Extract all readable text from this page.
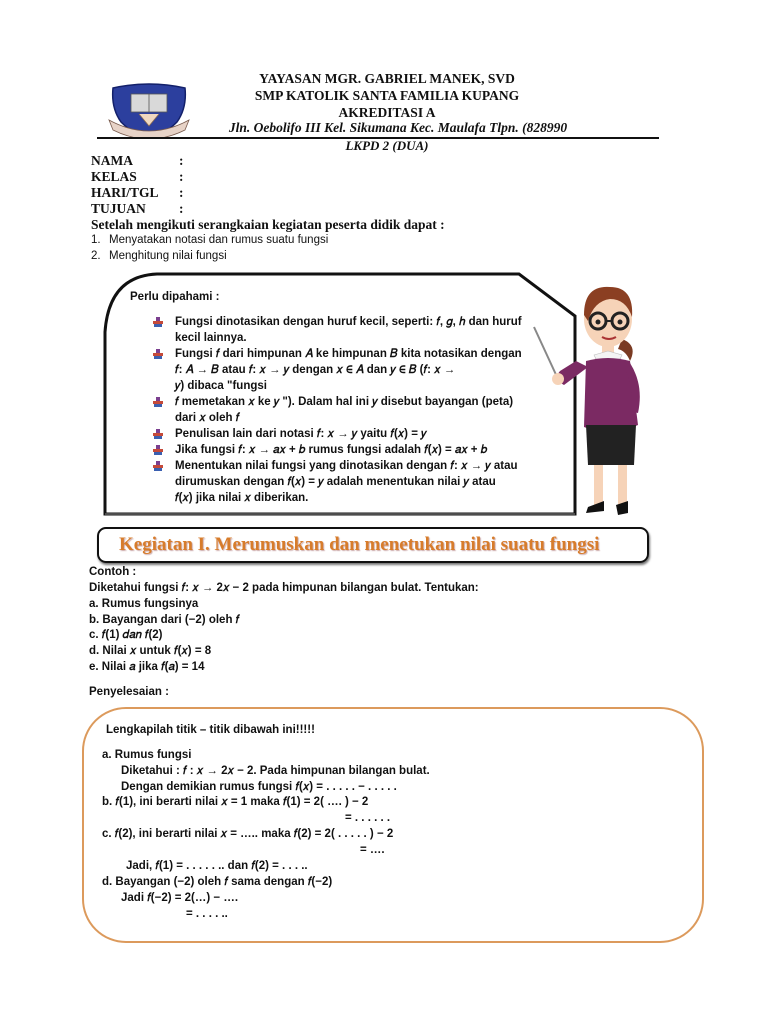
YAYASAN MGR. GABRIEL MANEK, SVD
SMP KATOLIK SANTA FAMILIA KUPANG
AKREDITASI A
Jln. Oebolifo III Kel. Sikumana Kec. Maulafa Tlpn. (828990
LKPD 2 (DUA)
NAMA	:
KELAS	:
HARI/TGL :
TUJUAN :
Setelah mengikuti serangkaian kegiatan peserta didik dapat :
1. Menyatakan notasi dan rumus suatu fungsi
2. Menghitung nilai fungsi
Perlu dipahami :
Fungsi dinotasikan dengan huruf kecil, seperti: 𝑓, 𝑔, ℎ dan huruf
kecil lainnya.
Fungsi 𝑓 dari himpunan 𝐴 ke himpunan 𝐵 kita notasikan dengan
𝑓: 𝐴 → 𝐵 atau 𝑓: 𝑥 → 𝑦 dengan 𝑥 ∈ 𝐴 dan 𝑦 ∈ 𝐵 (𝑓: 𝑥 →
𝑦) dibaca "fungsi
𝑓 memetakan 𝑥 ke 𝑦 "). Dalam hal ini 𝑦 disebut bayangan (peta)
dari 𝑥 oleh 𝑓
Penulisan lain dari notasi 𝑓: 𝑥 → 𝑦 yaitu 𝑓(𝑥) = 𝑦
Jika fungsi 𝑓: 𝑥 → 𝑎𝑥 + 𝑏 rumus fungsi adalah 𝑓(𝑥) = 𝑎𝑥 + 𝑏
Menentukan nilai fungsi yang dinotasikan dengan 𝑓: 𝑥 → 𝑦 atau
dirumuskan dengan 𝑓(𝑥) = 𝑦 adalah menentukan nilai 𝑦 atau
𝑓(𝑥) jika nilai 𝑥 diberikan.
Kegiatan I. Merumuskan dan menetukan nilai suatu fungsi
Contoh :
Diketahui fungsi 𝑓: 𝑥 → 2𝑥 − 2 pada himpunan bilangan bulat. Tentukan:
a. Rumus fungsinya
b. Bayangan dari (−2) oleh 𝑓
c. 𝑓(1) 𝑑𝑎𝑛 𝑓(2)
d. Nilai 𝑥 untuk 𝑓(𝑥) = 8
e. Nilai 𝑎 jika 𝑓(𝑎) = 14
Penyelesaian :
Lengkapilah titik – titik dibawah ini!!!!!
a. Rumus fungsi
Diketahui : 𝑓 : 𝑥 → 2𝑥 − 2. Pada himpunan bilangan bulat.
Dengan demikian rumus fungsi 𝑓(𝑥) = . . . . . − . . . . .
b. 𝑓(1), ini berarti nilai 𝑥 = 1 maka 𝑓(1) = 2( …. ) − 2
= . . . . . .
c. 𝑓(2), ini berarti nilai 𝑥 = ….. maka 𝑓(2) = 2( . . . . . ) − 2
= ….
Jadi, 𝑓(1) = . . . . . .. dan 𝑓(2) = . . . ..
d. Bayangan (−2) oleh 𝑓 sama dengan 𝑓(−2)
Jadi 𝑓(−2) = 2(…) − ….
= . . . . ..
